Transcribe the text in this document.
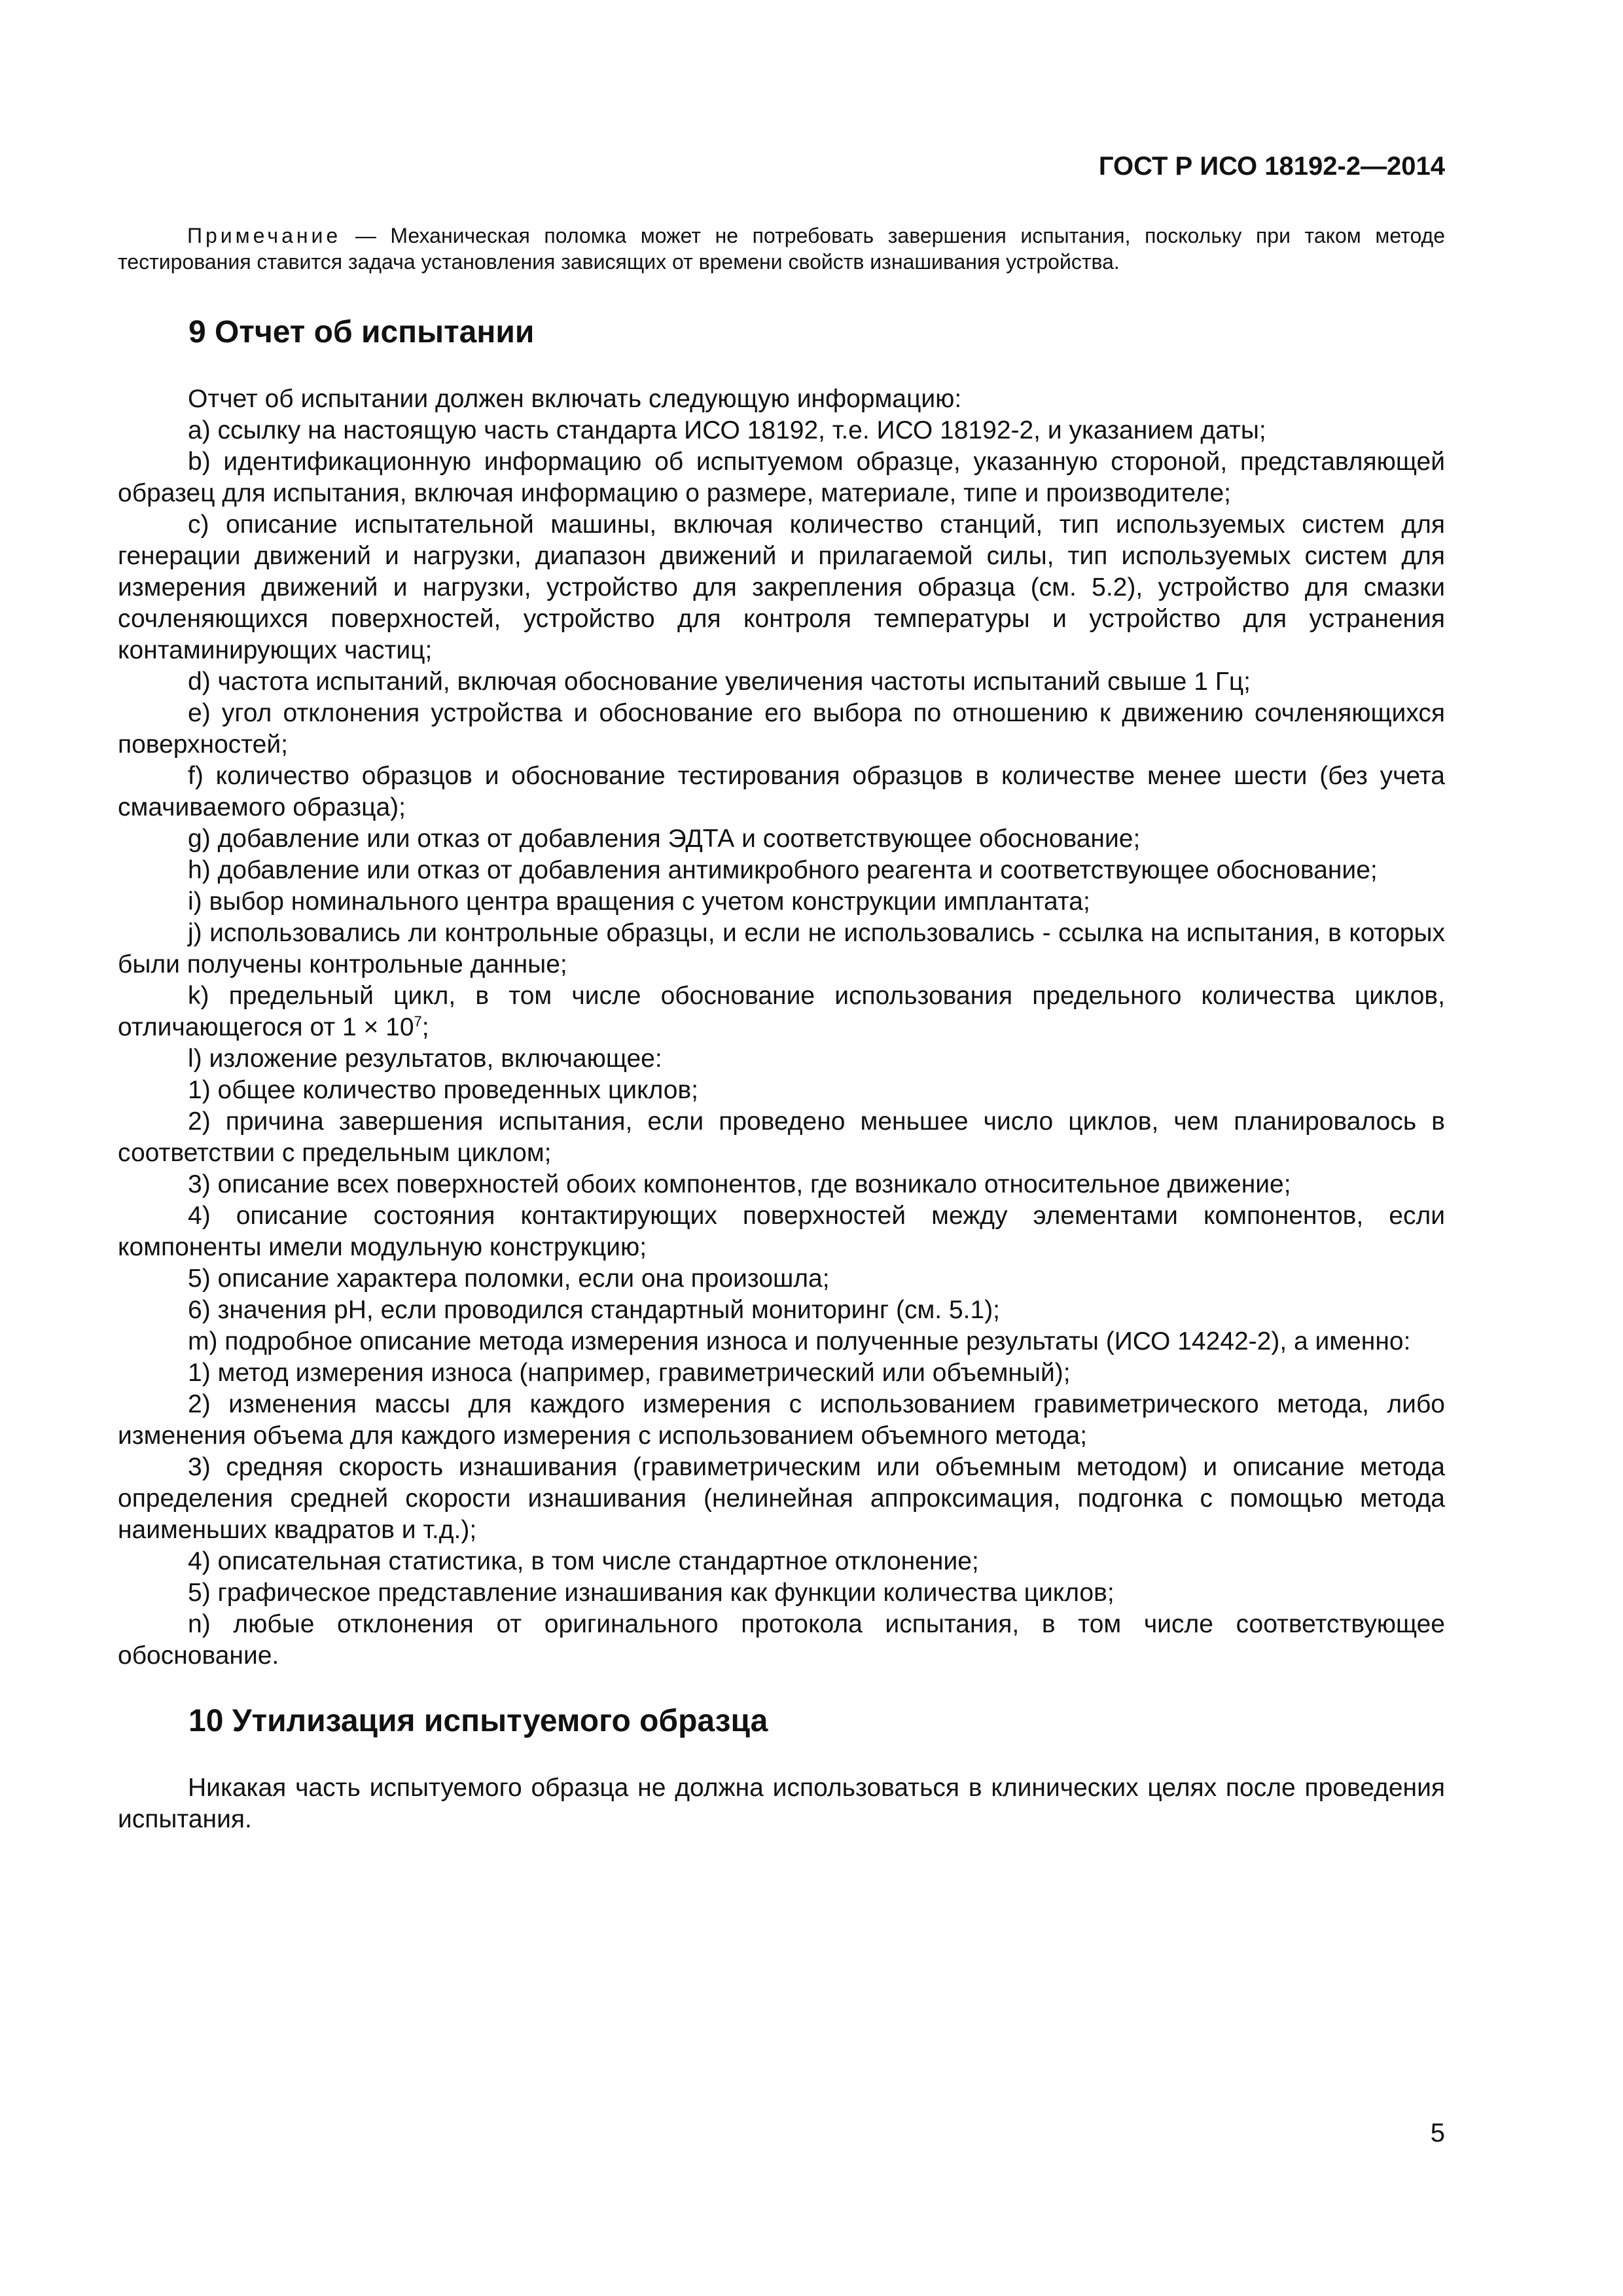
ГОСТ Р ИСО 18192-2—2014

Примечание — Механическая поломка может не потребовать завершения испытания, поскольку при таком методе тестирования ставится задача установления зависящих от времени свойств изнашивания устройства.

9 Отчет об испытании

Отчет об испытании должен включать следующую информацию:

a) ссылку на настоящую часть стандарта ИСО 18192, т.е. ИСО 18192-2, и указанием даты;

b) идентификационную информацию об испытуемом образце, указанную стороной, представляющей образец для испытания, включая информацию о размере, материале, типе и производителе;

c) описание испытательной машины, включая количество станций, тип используемых систем для генерации движений и нагрузки, диапазон движений и прилагаемой силы, тип используемых систем для измерения движений и нагрузки, устройство для закрепления образца (см. 5.2), устройство для смазки сочленяющихся поверхностей, устройство для контроля температуры и устройство для устранения контаминирующих частиц;

d) частота испытаний, включая обоснование увеличения частоты испытаний свыше 1 Гц;

e) угол отклонения устройства и обоснование его выбора по отношению к движению сочленяющихся поверхностей;

f) количество образцов и обоснование тестирования образцов в количестве менее шести (без учета смачиваемого образца);

g) добавление или отказ от добавления ЭДТА и соответствующее обоснование;

h) добавление или отказ от добавления антимикробного реагента и соответствующее обоснование;

i) выбор номинального центра вращения с учетом конструкции имплантата;

j) использовались ли контрольные образцы, и если не использовались - ссылка на испытания, в которых были получены контрольные данные;

k) предельный цикл, в том числе обоснование использования предельного количества циклов, отличающегося от $1 \times 10^7$;

l) изложение результатов, включающее:

1) общее количество проведенных циклов;

2) причина завершения испытания, если проведено меньшее число циклов, чем планировалось в соответствии с предельным циклом;

3) описание всех поверхностей обоих компонентов, где возникало относительное движение;

4) описание состояния контактирующих поверхностей между элементами компонентов, если компоненты имели модульную конструкцию;

5) описание характера поломки, если она произошла;

6) значения pH, если проводился стандартный мониторинг (см. 5.1);

m) подробное описание метода измерения износа и полученные результаты (ИСО 14242-2), а именно:

1) метод измерения износа (например, гравиметрический или объемный);

2) изменения массы для каждого измерения с использованием гравиметрического метода, либо изменения объема для каждого измерения с использованием объемного метода;

3) средняя скорость изнашивания (гравиметрическим или объемным методом) и описание метода определения средней скорости изнашивания (нелинейная аппроксимация, подгонка с помощью метода наименьших квадратов и т.д.);

4) описательная статистика, в том числе стандартное отклонение;

5) графическое представление изнашивания как функции количества циклов;

n) любые отклонения от оригинального протокола испытания, в том числе соответствующее обоснование.

10 Утилизация испытуемого образца

Никакая часть испытуемого образца не должна использоваться в клинических целях после проведения испытания.

5
